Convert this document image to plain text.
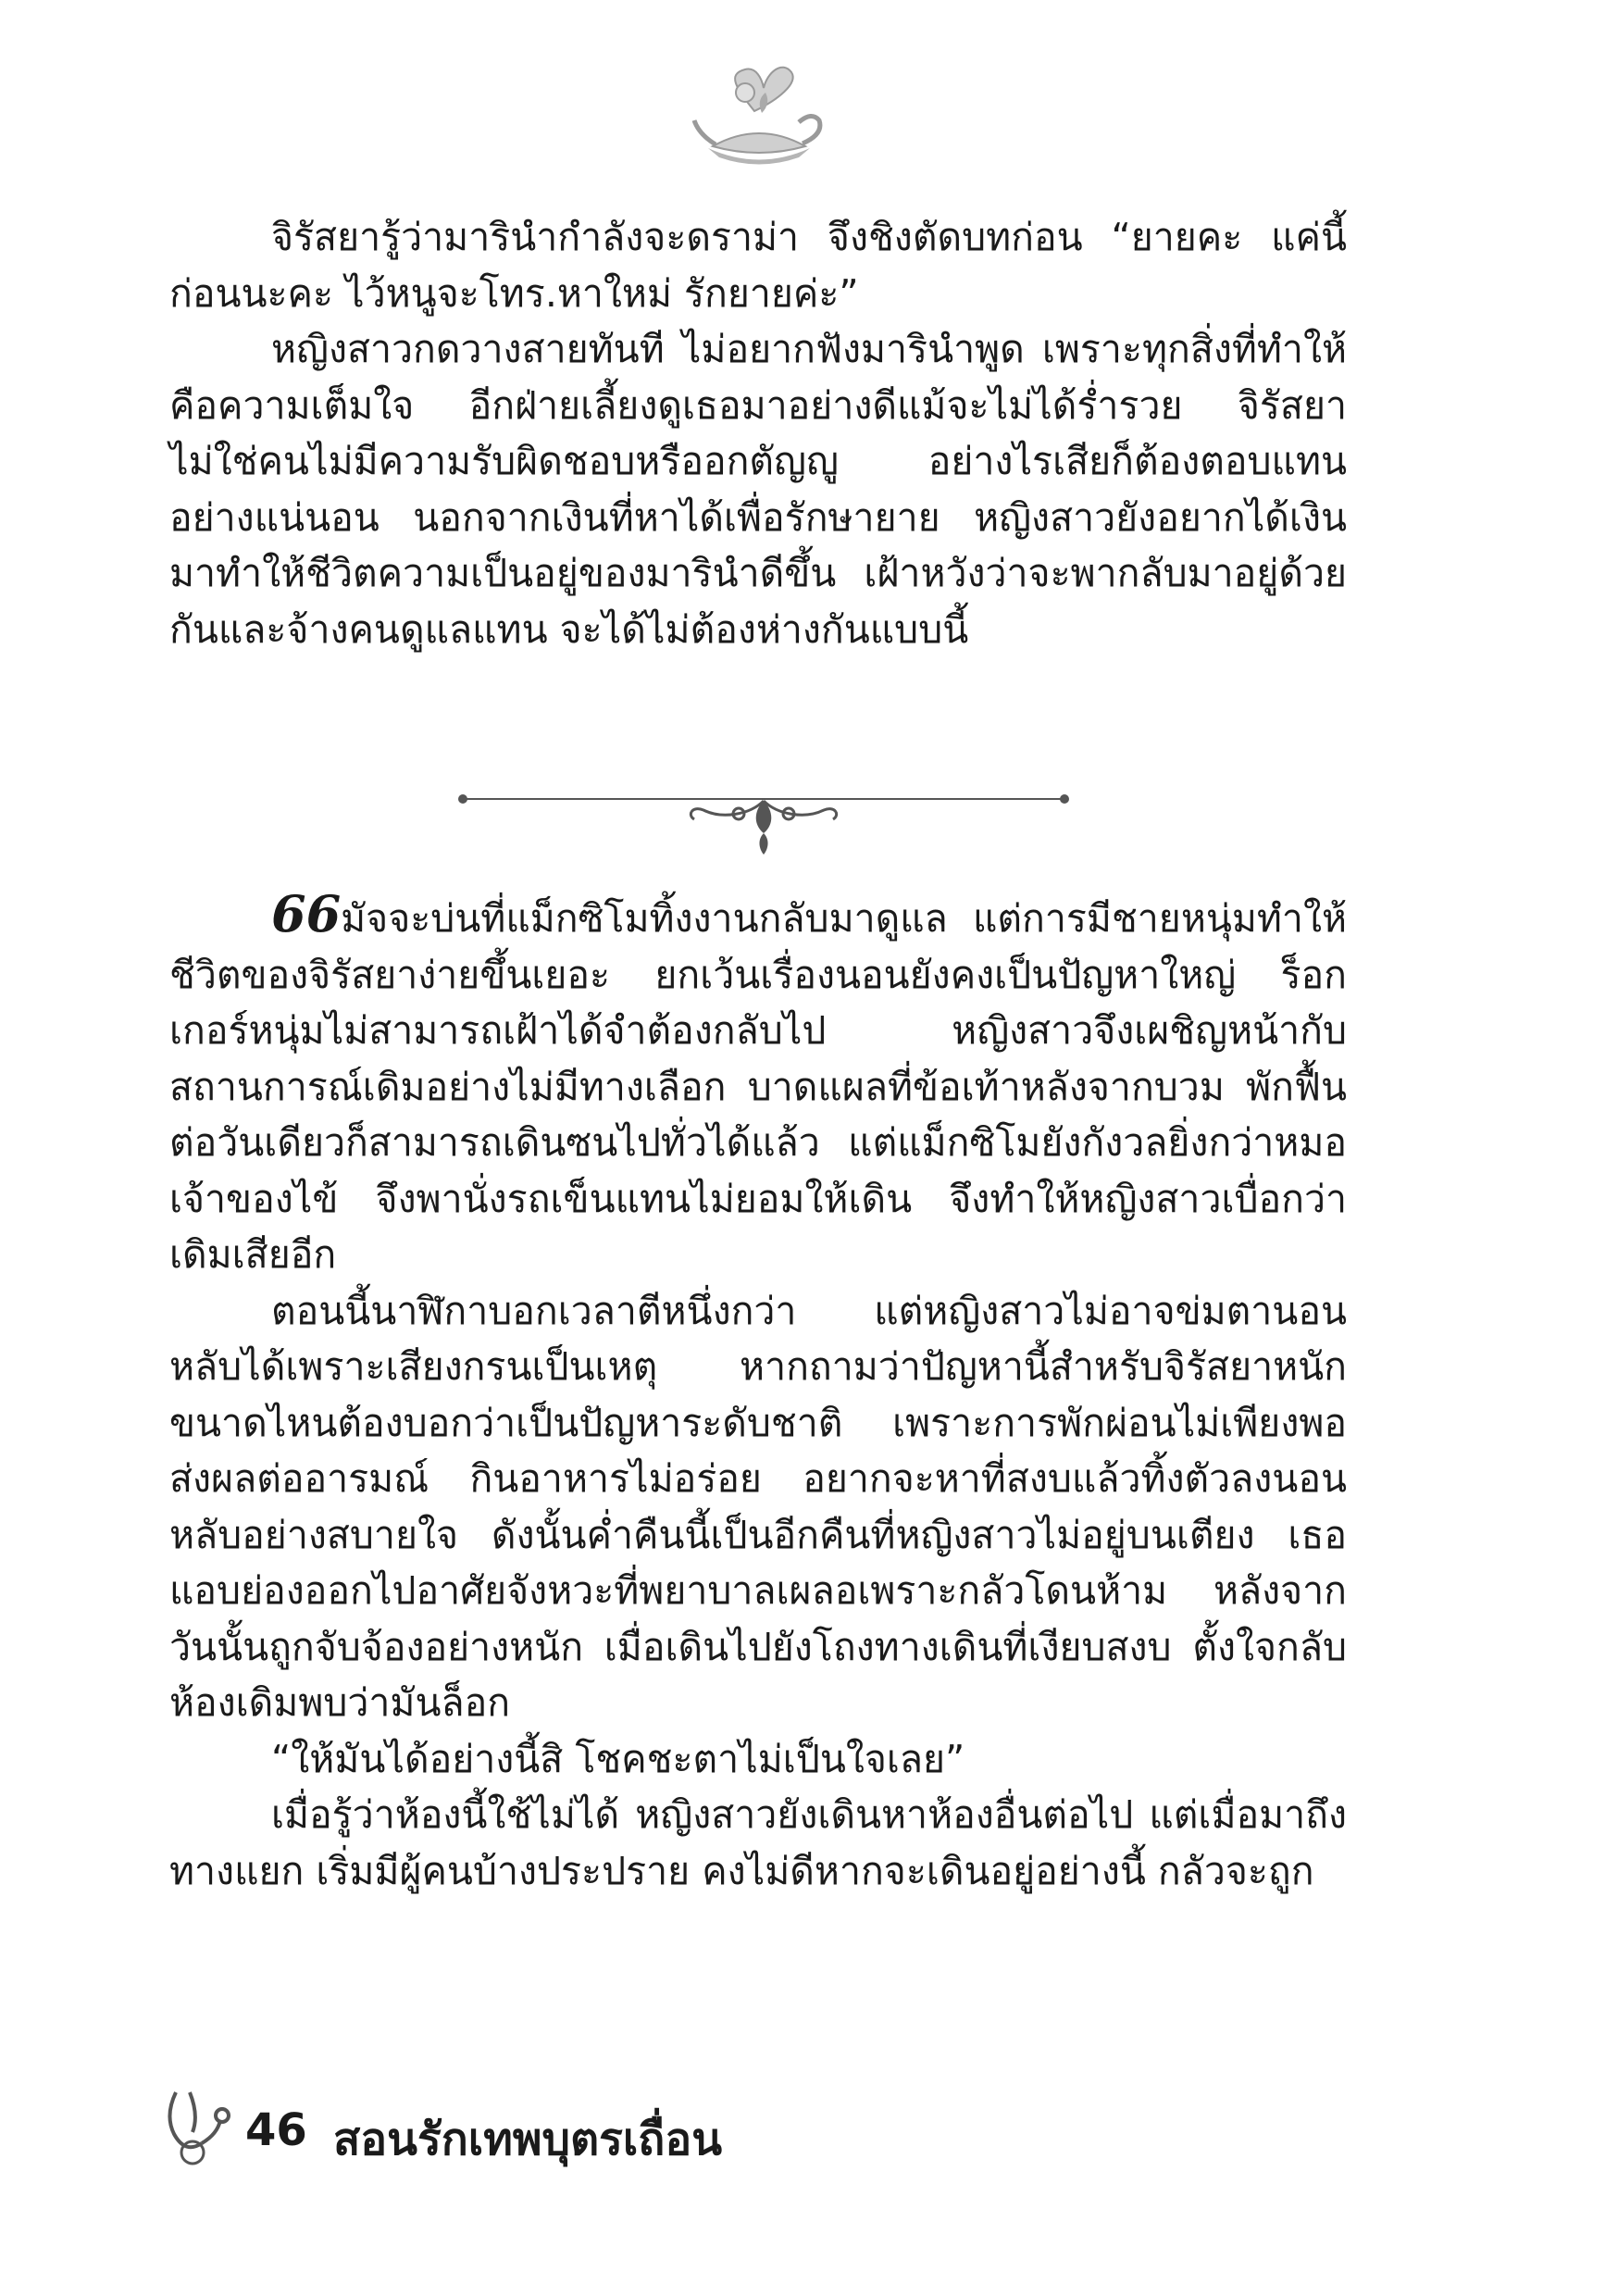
จิรัสยารู้ว่ามารินำกำลังจะดราม่า จึงชิงตัดบทก่อน “ยายคะ แค่นี้ก่อนนะคะ ไว้หนูจะโทร.หาใหม่ รักยายค่ะ”

หญิงสาวกดวางสายทันที ไม่อยากฟังมารินำพูด เพราะทุกสิ่งที่ทำให้คือความเต็มใจ อีกฝ่ายเลี้ยงดูเธอมาอย่างดีแม้จะไม่ได้ร่ำรวย จิรัสยาไม่ใช่คนไม่มีความรับผิดชอบหรืออกตัญญู อย่างไรเสียก็ต้องตอบแทนอย่างแน่นอน นอกจากเงินที่หาได้เพื่อรักษายาย หญิงสาวยังอยากได้เงินมาทำให้ชีวิตความเป็นอยู่ของมารินำดีขึ้น เฝ้าหวังว่าจะพากลับมาอยู่ด้วยกันและจ้างคนดูแลแทน จะได้ไม่ต้องห่างกันแบบนี้

66มัจจะบ่นที่แม็กซิโมทิ้งงานกลับมาดูแล แต่การมีชายหนุ่มทำให้ชีวิตของจิรัสยาง่ายขึ้นเยอะ ยกเว้นเรื่องนอนยังคงเป็นปัญหาใหญ่ ร็อกเกอร์หนุ่มไม่สามารถเฝ้าได้จำต้องกลับไป หญิงสาวจึงเผชิญหน้ากับสถานการณ์เดิมอย่างไม่มีทางเลือก บาดแผลที่ข้อเท้าหลังจากบวม พักฟื้นต่อวันเดียวก็สามารถเดินซนไปทั่วได้แล้ว แต่แม็กซิโมยังกังวลยิ่งกว่าหมอเจ้าของไข้ จึงพานั่งรถเข็นแทนไม่ยอมให้เดิน จึงทำให้หญิงสาวเบื่อกว่าเดิมเสียอีก

ตอนนี้นาฬิกาบอกเวลาตีหนึ่งกว่า แต่หญิงสาวไม่อาจข่มตานอนหลับได้เพราะเสียงกรนเป็นเหตุ หากถามว่าปัญหานี้สำหรับจิรัสยาหนักขนาดไหนต้องบอกว่าเป็นปัญหาระดับชาติ เพราะการพักผ่อนไม่เพียงพอส่งผลต่ออารมณ์ กินอาหารไม่อร่อย อยากจะหาที่สงบแล้วทิ้งตัวลงนอนหลับอย่างสบายใจ ดังนั้นค่ำคืนนี้เป็นอีกคืนที่หญิงสาวไม่อยู่บนเตียง เธอแอบย่องออกไปอาศัยจังหวะที่พยาบาลเผลอเพราะกลัวโดนห้าม หลังจากวันนั้นถูกจับจ้องอย่างหนัก เมื่อเดินไปยังโถงทางเดินที่เงียบสงบ ตั้งใจกลับห้องเดิมพบว่ามันล็อก

“ให้มันได้อย่างนี้สิ โชคชะตาไม่เป็นใจเลย”

เมื่อรู้ว่าห้องนี้ใช้ไม่ได้ หญิงสาวยังเดินหาห้องอื่นต่อไป แต่เมื่อมาถึงทางแยก เริ่มมีผู้คนบ้างประปราย คงไม่ดีหากจะเดินอยู่อย่างนี้ กลัวจะถูก

46 สอนรักเทพบุตรเถื่อน
